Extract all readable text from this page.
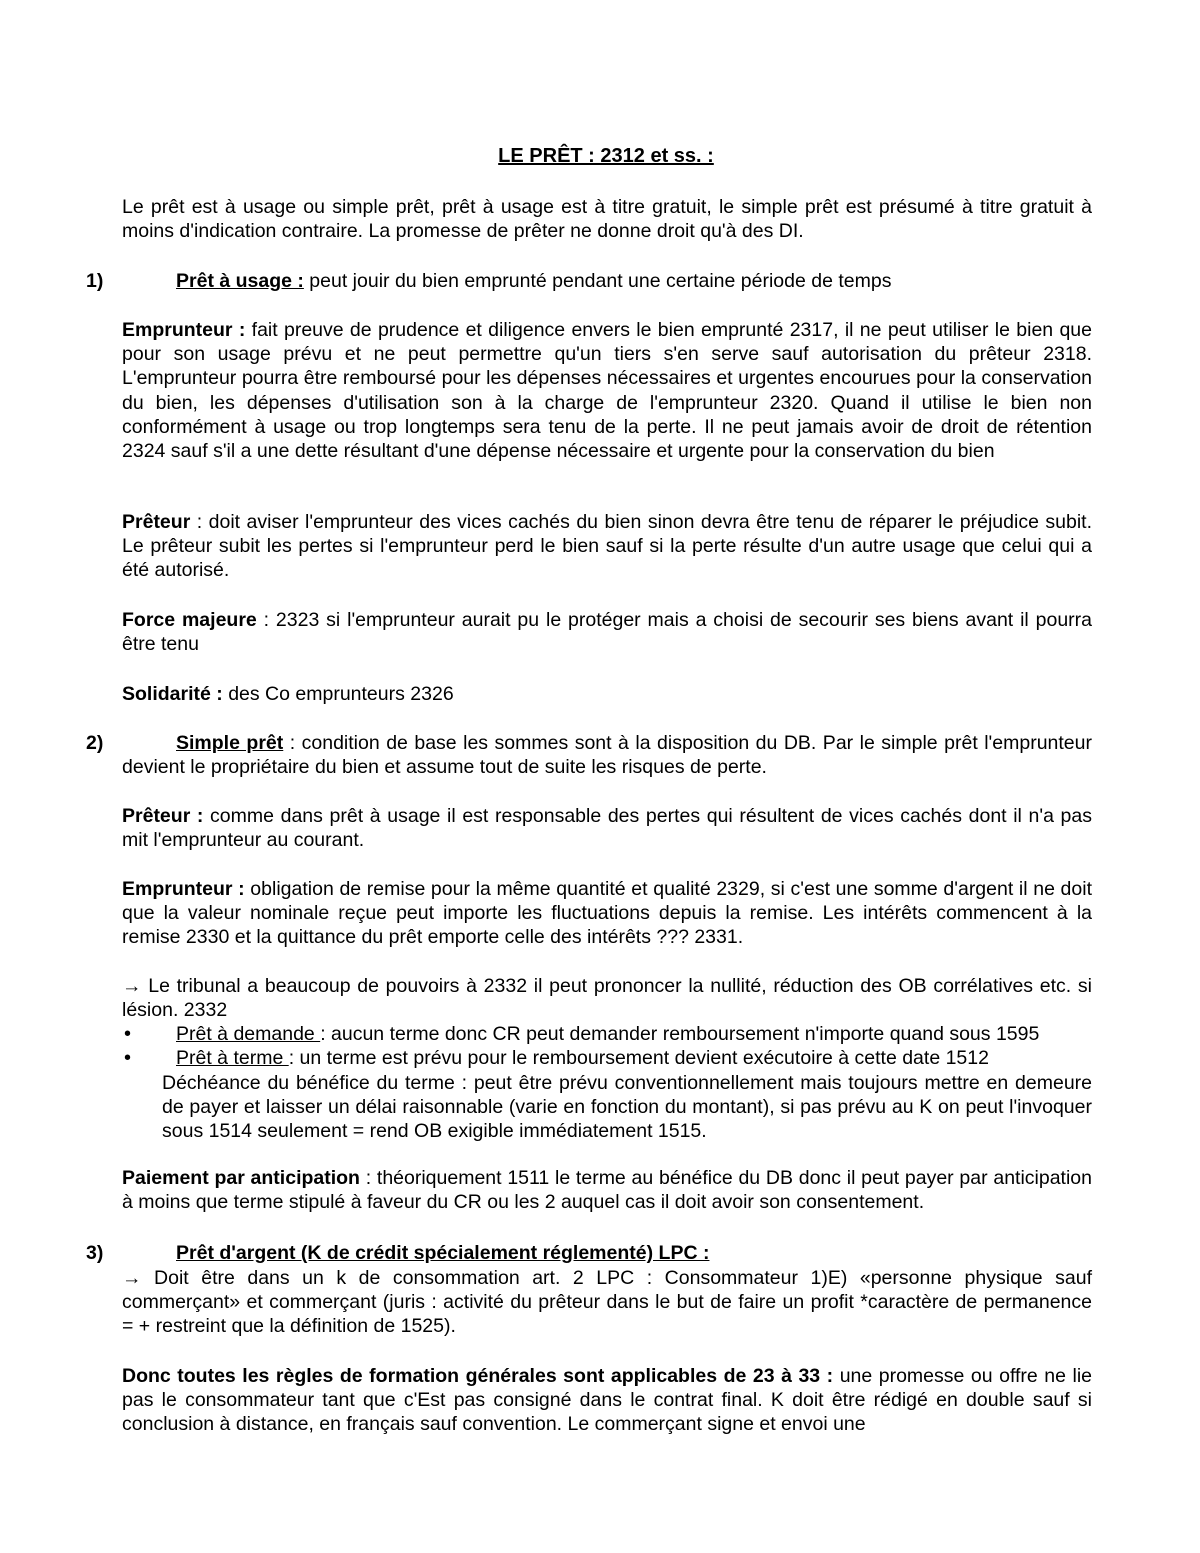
LE PRÊT : 2312 et ss. :

Le prêt est à usage ou simple prêt, prêt à usage est à titre gratuit, le simple prêt est présumé à titre gratuit à moins d'indication contraire. La promesse de prêter ne donne droit qu'à des DI.

1)	Prêt à usage : peut jouir du bien emprunté pendant une certaine période de temps

Emprunteur : fait preuve de prudence et diligence envers le bien emprunté 2317, il ne peut utiliser le bien que pour son usage prévu et ne peut permettre qu'un tiers s'en serve sauf autorisation du prêteur 2318. L'emprunteur pourra être remboursé pour les dépenses nécessaires et urgentes encourues pour la conservation du bien, les dépenses d'utilisation son à la charge de l'emprunteur 2320. Quand il utilise le bien non conformément à usage ou trop longtemps sera tenu de la perte. Il ne peut jamais avoir de droit de rétention 2324 sauf s'il a une dette résultant d'une dépense nécessaire et urgente pour la conservation du bien

Prêteur : doit aviser l'emprunteur des vices cachés du bien sinon devra être tenu de réparer le préjudice subit. Le prêteur subit les pertes si l'emprunteur perd le bien sauf si la perte résulte d'un autre usage que celui qui a été autorisé.

Force majeure : 2323 si l'emprunteur aurait pu le protéger mais a choisi de secourir ses biens avant il pourra être tenu

Solidarité : des Co emprunteurs 2326

2)	Simple prêt : condition de base les sommes sont à la disposition du DB. Par le simple prêt l'emprunteur devient le propriétaire du bien et assume tout de suite les risques de perte.

Prêteur : comme dans prêt à usage il est responsable des pertes qui résultent de vices cachés dont il n'a pas mit l'emprunteur au courant.

Emprunteur : obligation de remise pour la même quantité et qualité 2329, si c'est une somme d'argent il ne doit que la valeur nominale reçue peut importe les fluctuations depuis la remise. Les intérêts commencent à la remise 2330 et la quittance du prêt emporte celle des intérêts ??? 2331.

→ Le tribunal a beaucoup de pouvoirs à 2332 il peut prononcer la nullité, réduction des OB corrélatives etc. si lésion. 2332

• Prêt à demande : aucun terme donc CR peut demander remboursement n'importe quand sous 1595
• Prêt à terme : un terme est prévu pour le remboursement devient exécutoire à cette date 1512
Déchéance du bénéfice du terme : peut être prévu conventionnellement mais toujours mettre en demeure de payer et laisser un délai raisonnable (varie en fonction du montant), si pas prévu au K on peut l'invoquer sous 1514 seulement = rend OB exigible immédiatement 1515.

Paiement par anticipation : théoriquement 1511 le terme au bénéfice du DB donc il peut payer par anticipation à moins que terme stipulé à faveur du CR ou les 2 auquel cas il doit avoir son consentement.

3)	Prêt d'argent (K de crédit spécialement réglementé) LPC :

→ Doit être dans un k de consommation art. 2 LPC : Consommateur 1)E) «personne physique sauf commerçant» et commerçant (juris : activité du prêteur dans le but de faire un profit *caractère de permanence = + restreint que la définition de 1525).

Donc toutes les règles de formation générales sont applicables de 23 à 33 : une promesse ou offre ne lie pas le consommateur tant que c'Est pas consigné dans le contrat final. K doit être rédigé en double sauf si conclusion à distance, en français sauf convention. Le commerçant signe et envoi une
